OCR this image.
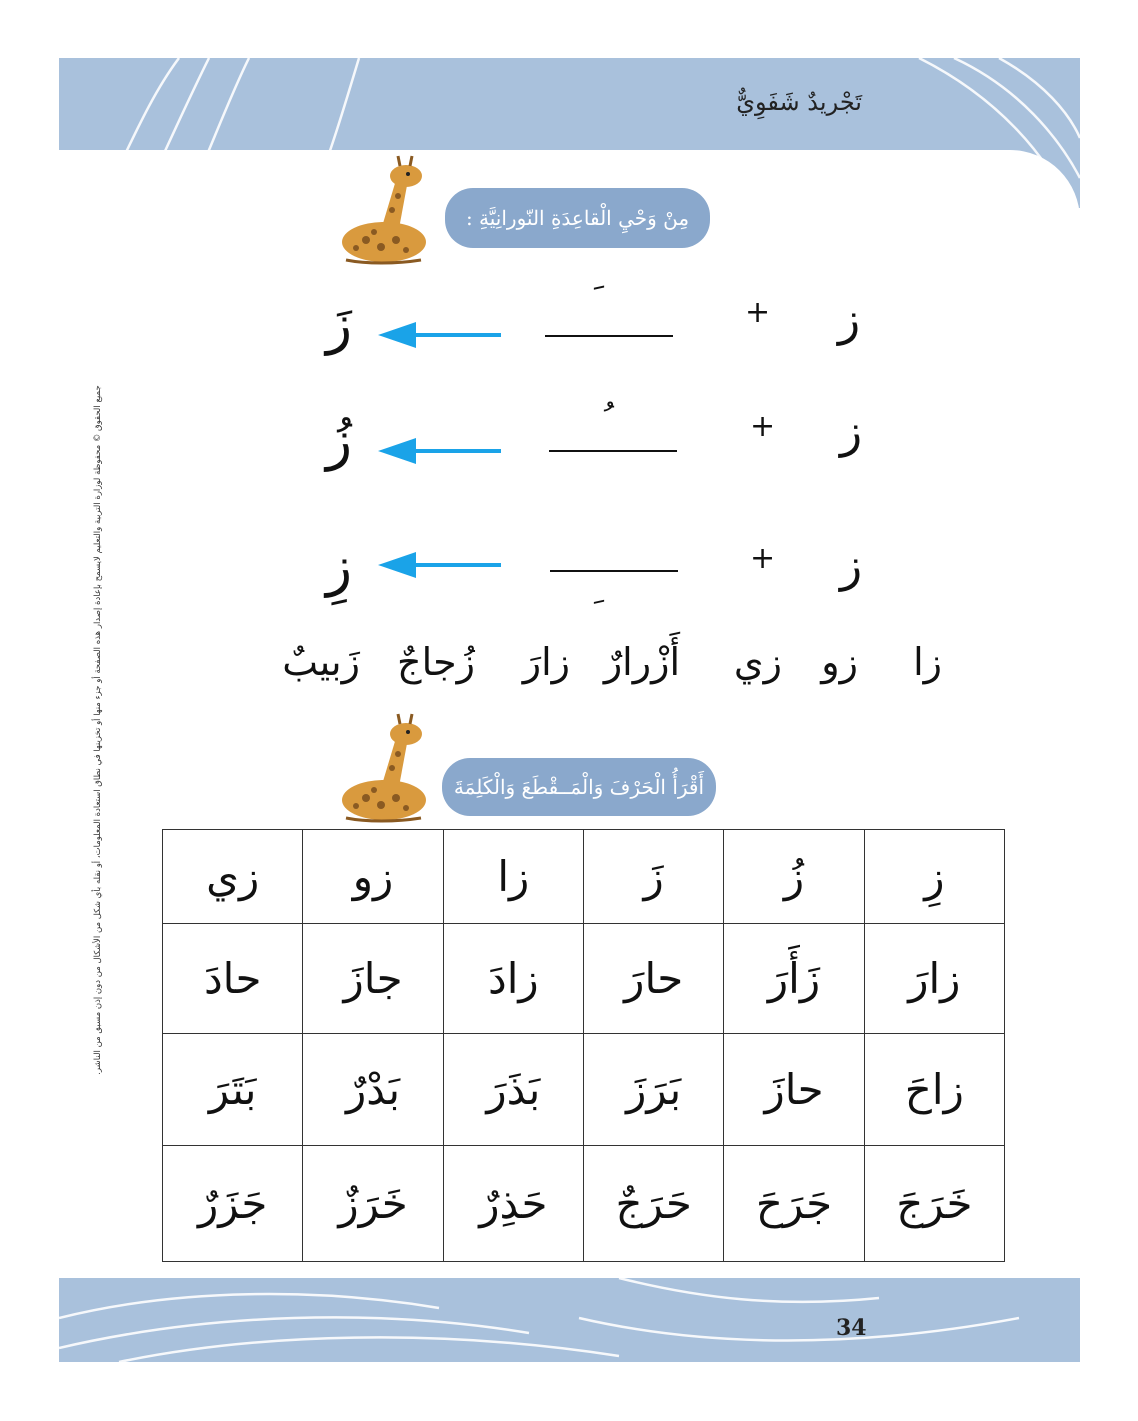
تَجْريدٌ شَفَوِيٌّ
34
جميع الحقوق © محفوظة لوزارة التربية والتعليم لايسمح بإعادة إصدار هذه الصفحة أو جزء منها أو تخزينها في نطاق استعادة المعلومات، أو نقله بأي شكل من الأشكال من دون إذن مسبق من الناشر.
مِنْ وَحْيِ الْقاعِدَةِ النّورانِيَّةِ :
ز
+
زَ
ز
+
زُ
ز
+
زِ
زا
زو
زي
أَزْرارٌ
زارَ
زُجاجٌ
زَبيبٌ
أَقْرَأُ الْحَرْفَ وَالْمَــقْطَعَ وَالْكَلِمَةَ
زِ	زُ	زَ	زا	زو	زي
زارَ	زَأَرَ	حارَ	زادَ	جازَ	حادَ
زاحَ	حازَ	بَرَزَ	بَذَرَ	بَدْرٌ	بَتَرَ
خَرَجَ	جَرَحَ	حَرَجٌ	حَذِرٌ	خَرَزٌ	جَزَرٌ
